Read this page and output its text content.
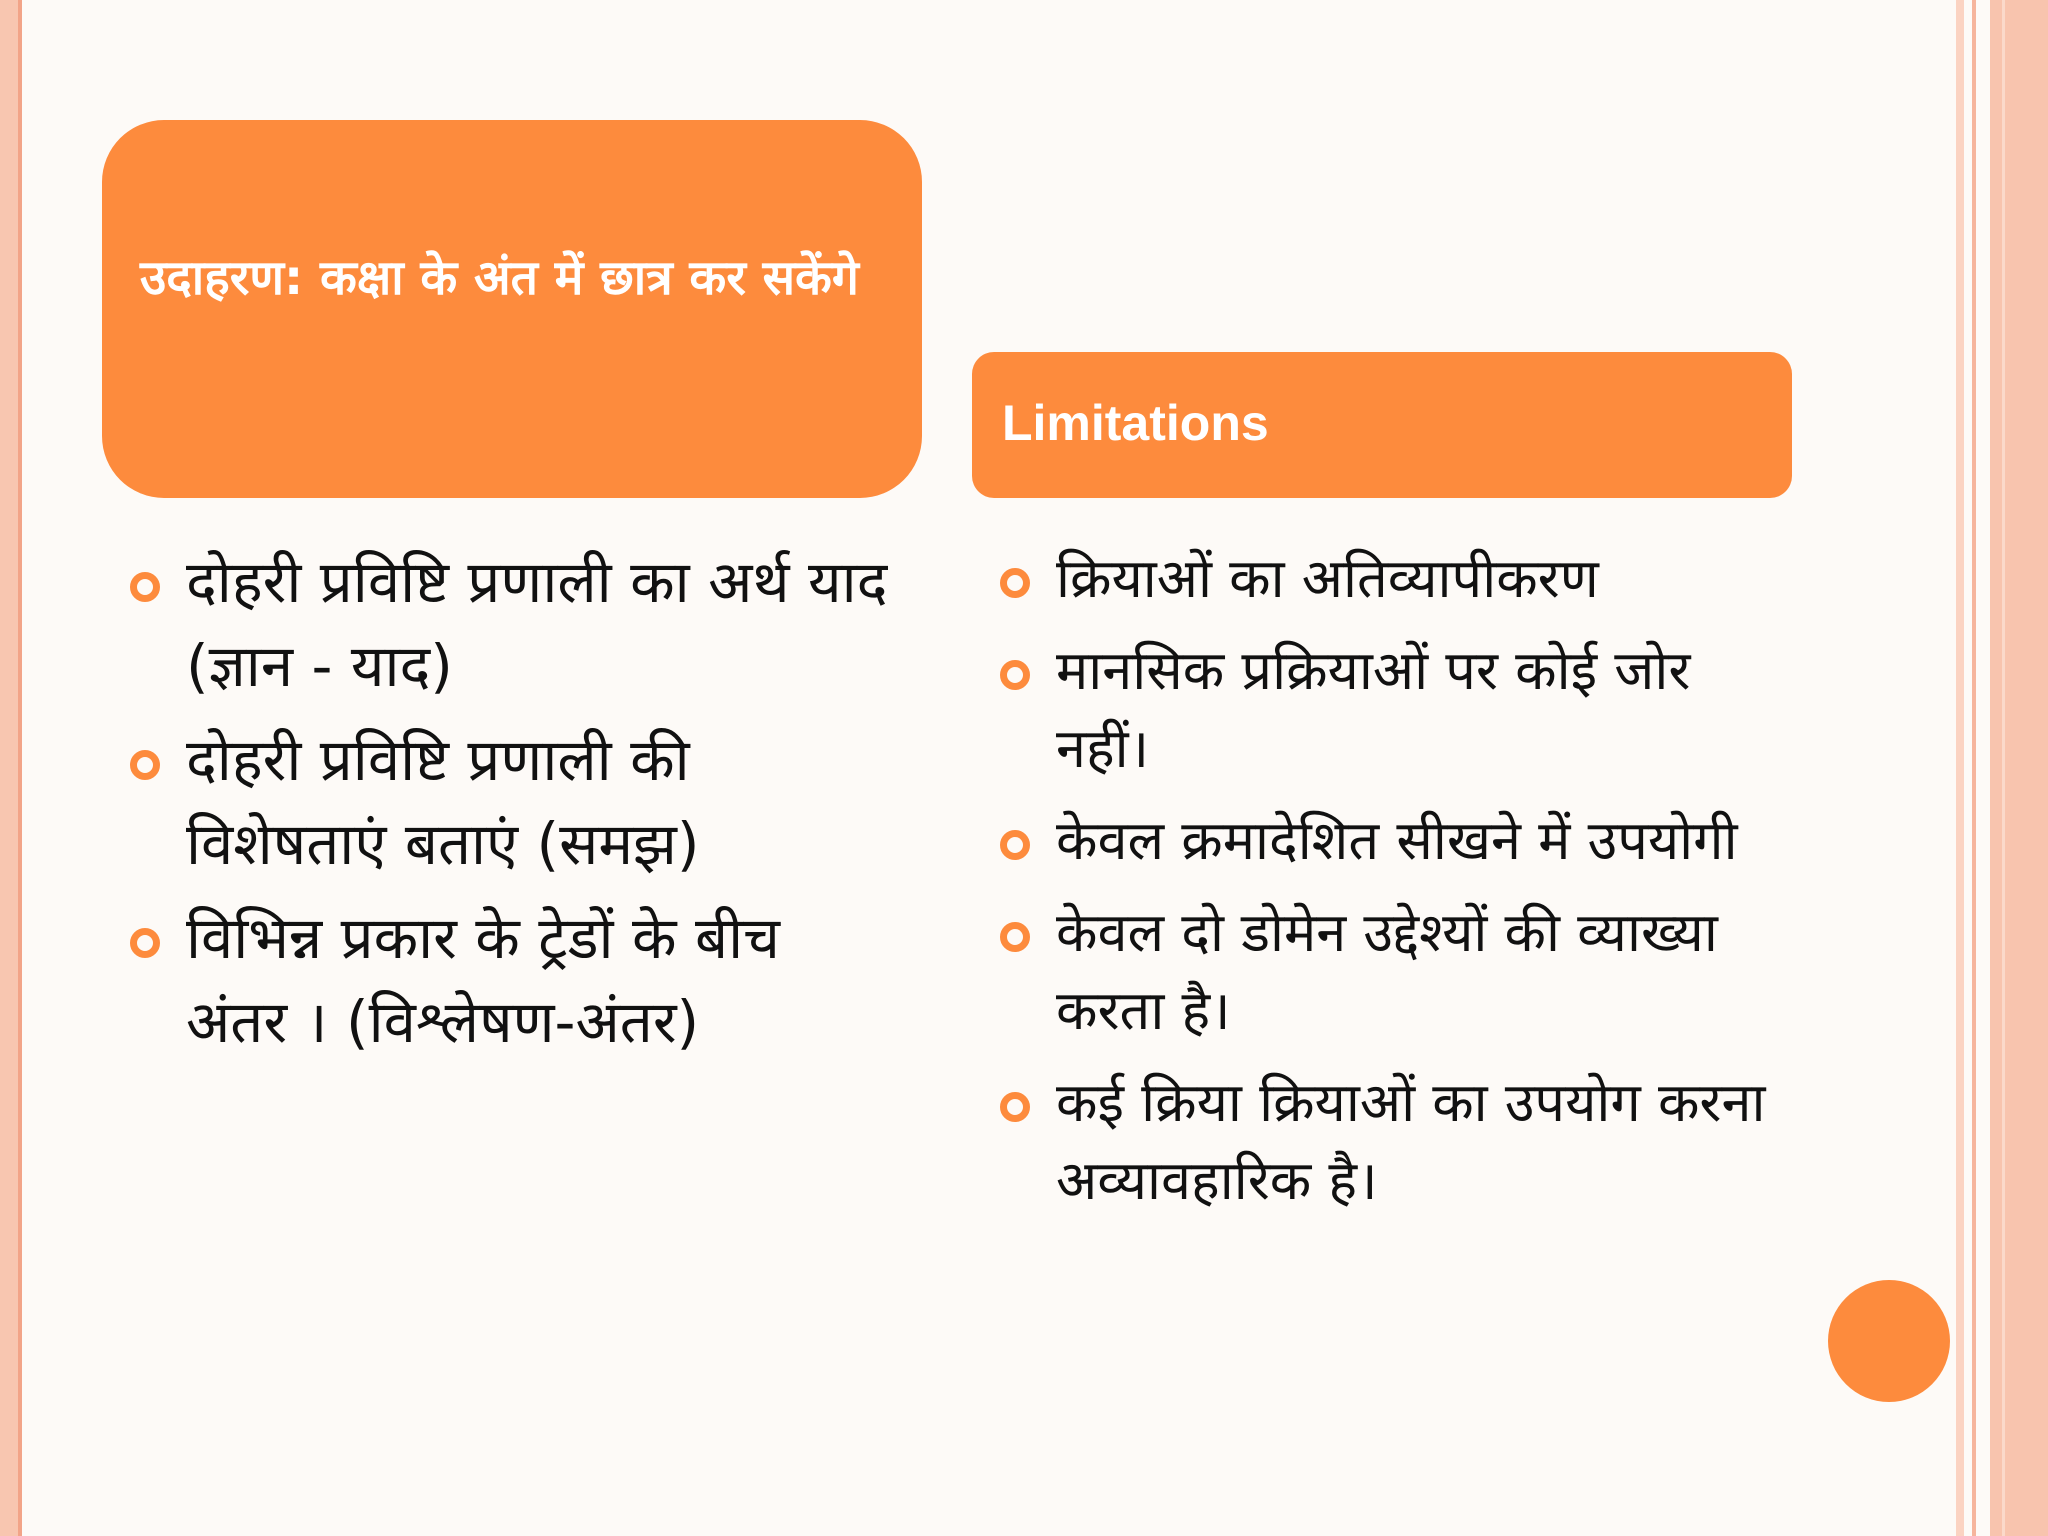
उदाहरण: कक्षा के अंत में छात्र कर सकेंगे
Limitations
दोहरी प्रविष्टि प्रणाली का अर्थ याद (ज्ञान - याद)
दोहरी प्रविष्टि प्रणाली की विशेषताएं बताएं (समझ)
विभिन्न प्रकार के ट्रेडों के बीच अंतर । (विश्लेषण-अंतर)
क्रियाओं का अतिव्यापीकरण
मानसिक प्रक्रियाओं पर कोई जोर नहीं।
केवल क्रमादेशित सीखने में उपयोगी
केवल दो डोमेन उद्देश्यों की व्याख्या करता है।
कई क्रिया क्रियाओं का उपयोग करना अव्यावहारिक है।
